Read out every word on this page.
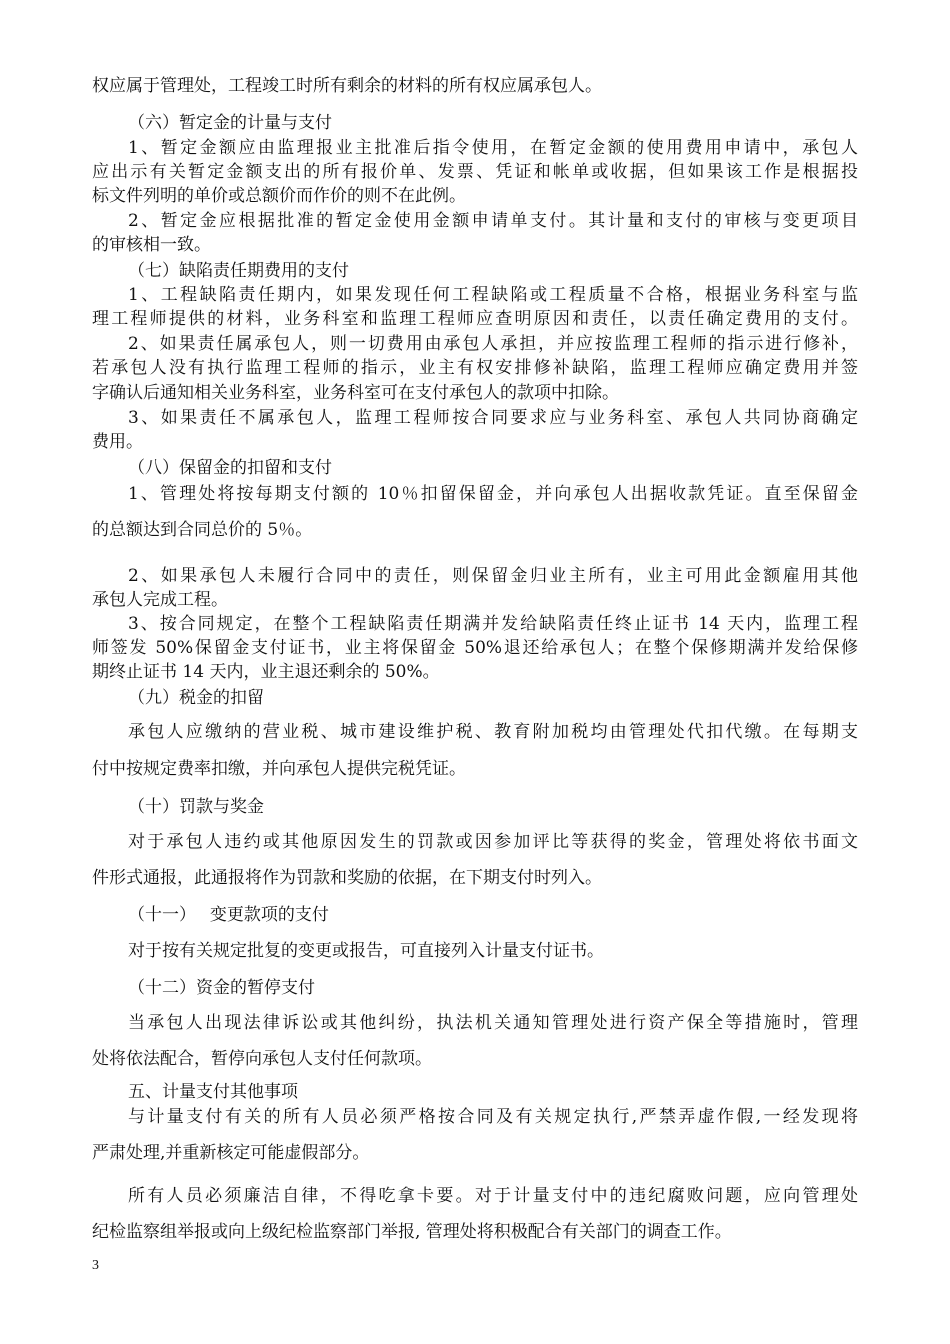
权应属于管理处，工程竣工时所有剩余的材料的所有权应属承包人。
（六）暂定金的计量与支付
1、暂定金额应由监理报业主批准后指令使用，在暂定金额的使用费用申请中，承包人
应出示有关暂定金额支出的所有报价单、发票、凭证和帐单或收据，但如果该工作是根据投
标文件列明的单价或总额价而作价的则不在此例。
2、暂定金应根据批准的暂定金使用金额申请单支付。其计量和支付的审核与变更项目
的审核相一致。
（七）缺陷责任期费用的支付
1、工程缺陷责任期内，如果发现任何工程缺陷或工程质量不合格，根据业务科室与监
理工程师提供的材料，业务科室和监理工程师应查明原因和责任，以责任确定费用的支付。
2、如果责任属承包人，则一切费用由承包人承担，并应按监理工程师的指示进行修补，
若承包人没有执行监理工程师的指示，业主有权安排修补缺陷，监理工程师应确定费用并签
字确认后通知相关业务科室，业务科室可在支付承包人的款项中扣除。
3、如果责任不属承包人，监理工程师按合同要求应与业务科室、承包人共同协商确定
费用。
（八）保留金的扣留和支付
1、管理处将按每期支付额的 10％扣留保留金，并向承包人出据收款凭证。直至保留金
的总额达到合同总价的 5％。
2、如果承包人未履行合同中的责任，则保留金归业主所有，业主可用此金额雇用其他
承包人完成工程。
3、按合同规定，在整个工程缺陷责任期满并发给缺陷责任终止证书 14 天内，监理工程
师签发 50%保留金支付证书，业主将保留金 50%退还给承包人；在整个保修期满并发给保修
期终止证书 14 天内，业主退还剩余的 50%。
（九）税金的扣留
承包人应缴纳的营业税、城市建设维护税、教育附加税均由管理处代扣代缴。在每期支
付中按规定费率扣缴，并向承包人提供完税凭证。
（十）罚款与奖金
对于承包人违约或其他原因发生的罚款或因参加评比等获得的奖金，管理处将依书面文
件形式通报，此通报将作为罚款和奖励的依据，在下期支付时列入。
（十一）　 变更款项的支付
对于按有关规定批复的变更或报告，可直接列入计量支付证书。
（十二）资金的暂停支付
当承包人出现法律诉讼或其他纠纷，执法机关通知管理处进行资产保全等措施时，管理
处将依法配合，暂停向承包人支付任何款项。
五、计量支付其他事项
与计量支付有关的所有人员必须严格按合同及有关规定执行,严禁弄虚作假,一经发现将
严肃处理,并重新核定可能虚假部分。
所有人员必须廉洁自律，不得吃拿卡要。对于计量支付中的违纪腐败问题，应向管理处
纪检监察组举报或向上级纪检监察部门举报, 管理处将积极配合有关部门的调查工作。
3
